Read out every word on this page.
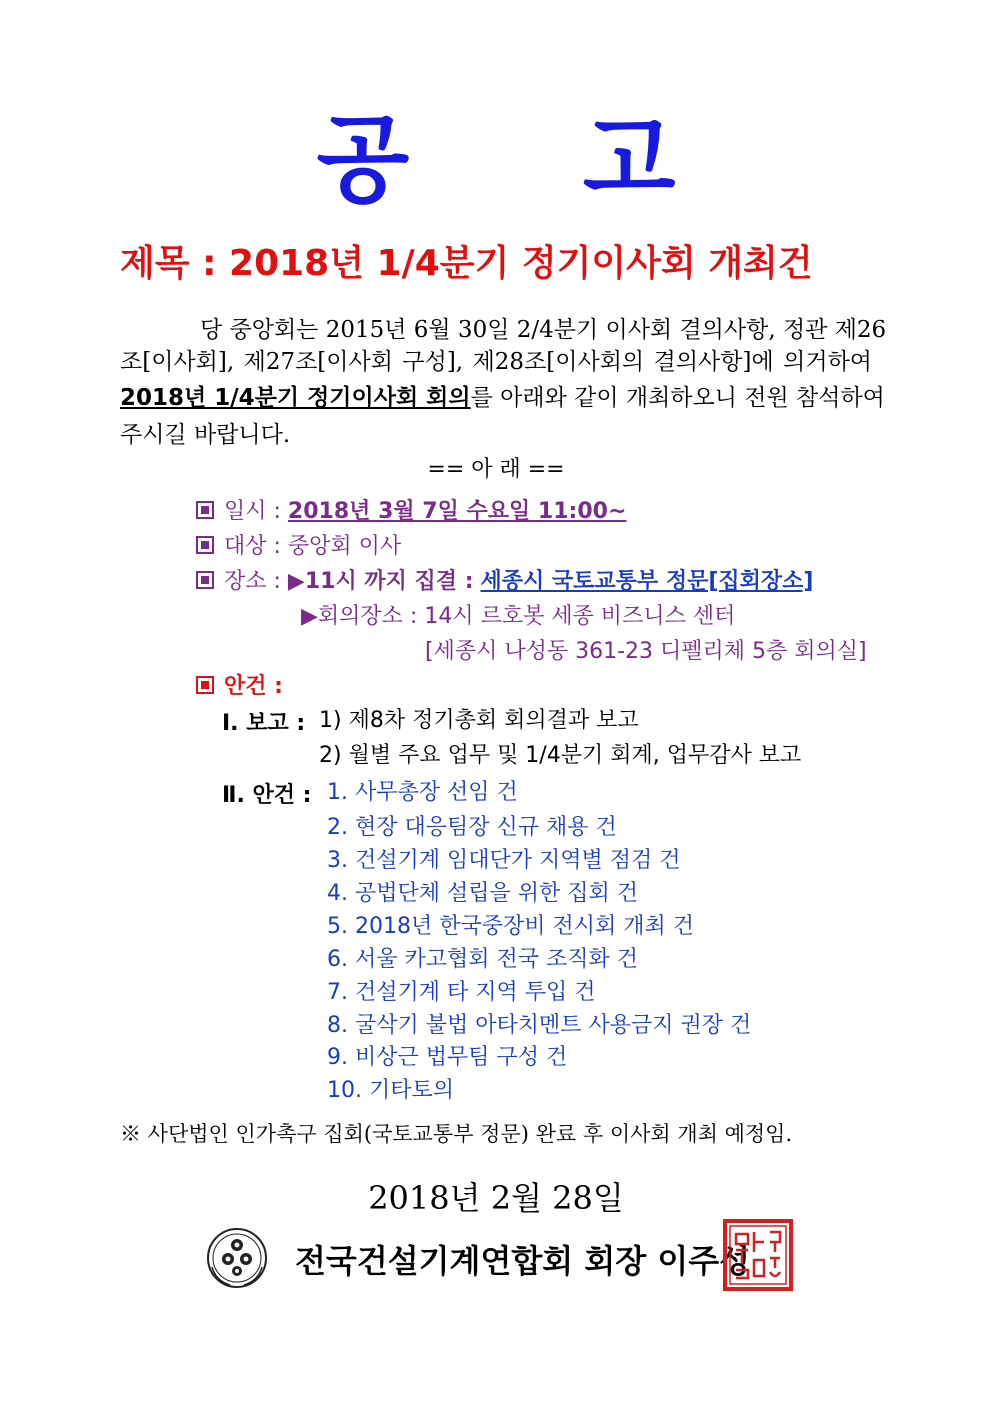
공 고
제목 : 2018년 1/4분기 정기이사회 개최건
당 중앙회는 2015년 6월 30일 2/4분기 이사회 결의사항, 정관 제26
조[이사회], 제27조[이사회 구성], 제28조[이사회의 결의사항]에 의거하여
2018년 1/4분기 정기이사회 회의를 아래와 같이 개최하오니 전원 참석하여
주시길 바랍니다.
== 아 래 ==
일시 : 2018년 3월 7일 수요일 11:00~
대상 : 중앙회 이사
장소 : ▶11시 까지 집결 : 세종시 국토교통부 정문[집회장소]
▶회의장소 : 14시 르호봇 세종 비즈니스 센터
[세종시 나성동 361-23 디펠리체 5층 회의실]
안건 :
Ⅰ. 보고 : 1) 제8차 정기총회 회의결과 보고
2) 월별 주요 업무 및 1/4분기 회계, 업무감사 보고
Ⅱ. 안건 : 1. 사무총장 선임 건
2. 현장 대응팀장 신규 채용 건
3. 건설기계 임대단가 지역별 점검 건
4. 공법단체 설립을 위한 집회 건
5. 2018년 한국중장비 전시회 개최 건
6. 서울 카고협회 전국 조직화 건
7. 건설기계 타 지역 투입 건
8. 굴삭기 불법 아타치멘트 사용금지 권장 건
9. 비상근 법무팀 구성 건
10. 기타토의
※ 사단법인 인가촉구 집회(국토교통부 정문) 완료 후 이사회 개최 예정임.
2018년 2월 28일
전국건설기계연합회 회장 이주성
